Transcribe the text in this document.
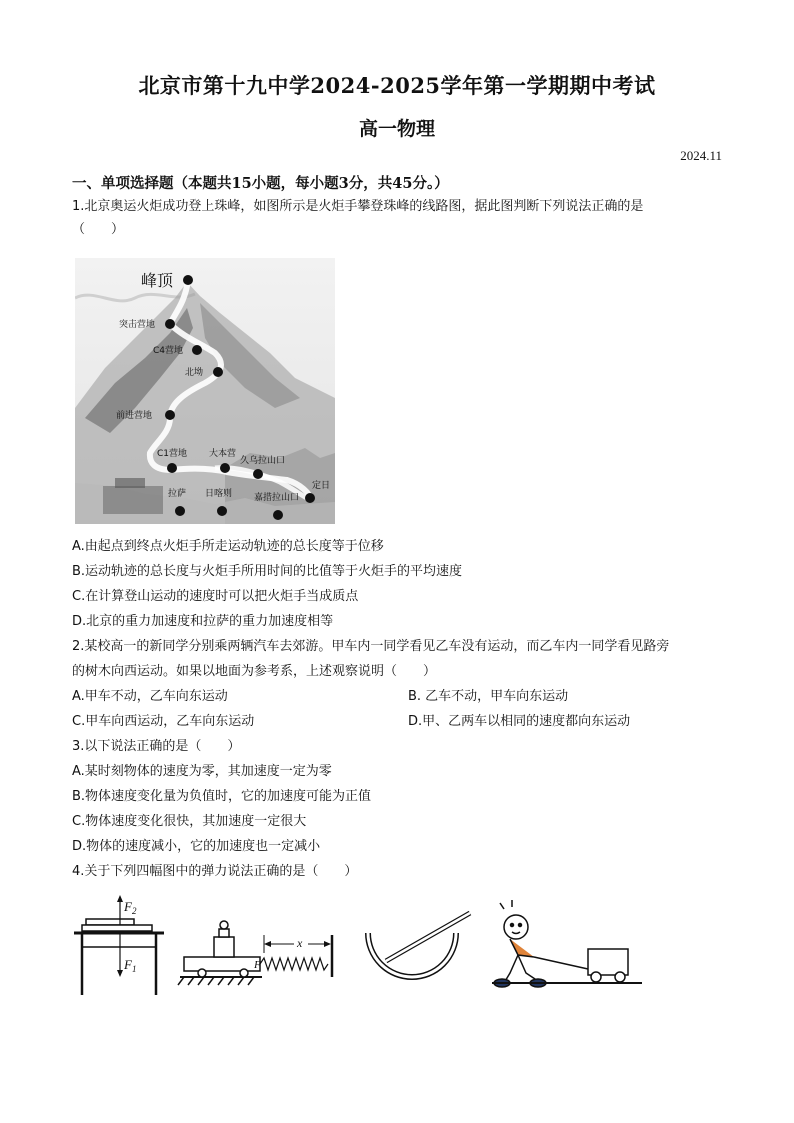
北京市第十九中学2024-2025学年第一学期期中考试
高一物理
2024.11
一、单项选择题（本题共15小题，每小题3分，共45分。）
1.北京奥运火炬成功登上珠峰，如图所示是火炬手攀登珠峰的线路图，据此图判断下列说法正确的是
（　　）
峰顶
突击营地
C4营地
北坳
前进营地
C1营地 大本营
久乌拉山口
拉萨 日喀则 嘉措拉山口
定日
A.由起点到终点火炬手所走运动轨迹的总长度等于位移
B.运动轨迹的总长度与火炬手所用时间的比值等于火炬手的平均速度
C.在计算登山运动的速度时可以把火炬手当成质点
D.北京的重力加速度和拉萨的重力加速度相等
2.某校高一的新同学分别乘两辆汽车去郊游。甲车内一同学看见乙车没有运动，而乙车内一同学看见路旁
的树木向西运动。如果以地面为参考系，上述观察说明（　　）
A.甲车不动，乙车向东运动	B. 乙车不动，甲车向东运动
C.甲车向西运动，乙车向东运动	D.甲、乙两车以相同的速度都向东运动
3.以下说法正确的是（　　）
A.某时刻物体的速度为零，其加速度一定为零
B.物体速度变化量为负值时，它的加速度可能为正值
C.物体速度变化很快，其加速度一定很大
D.物体的速度减小，它的加速度也一定减小
4.关于下列四幅图中的弹力说法正确的是（　　）
$F_2$
$F_1$
x
F
